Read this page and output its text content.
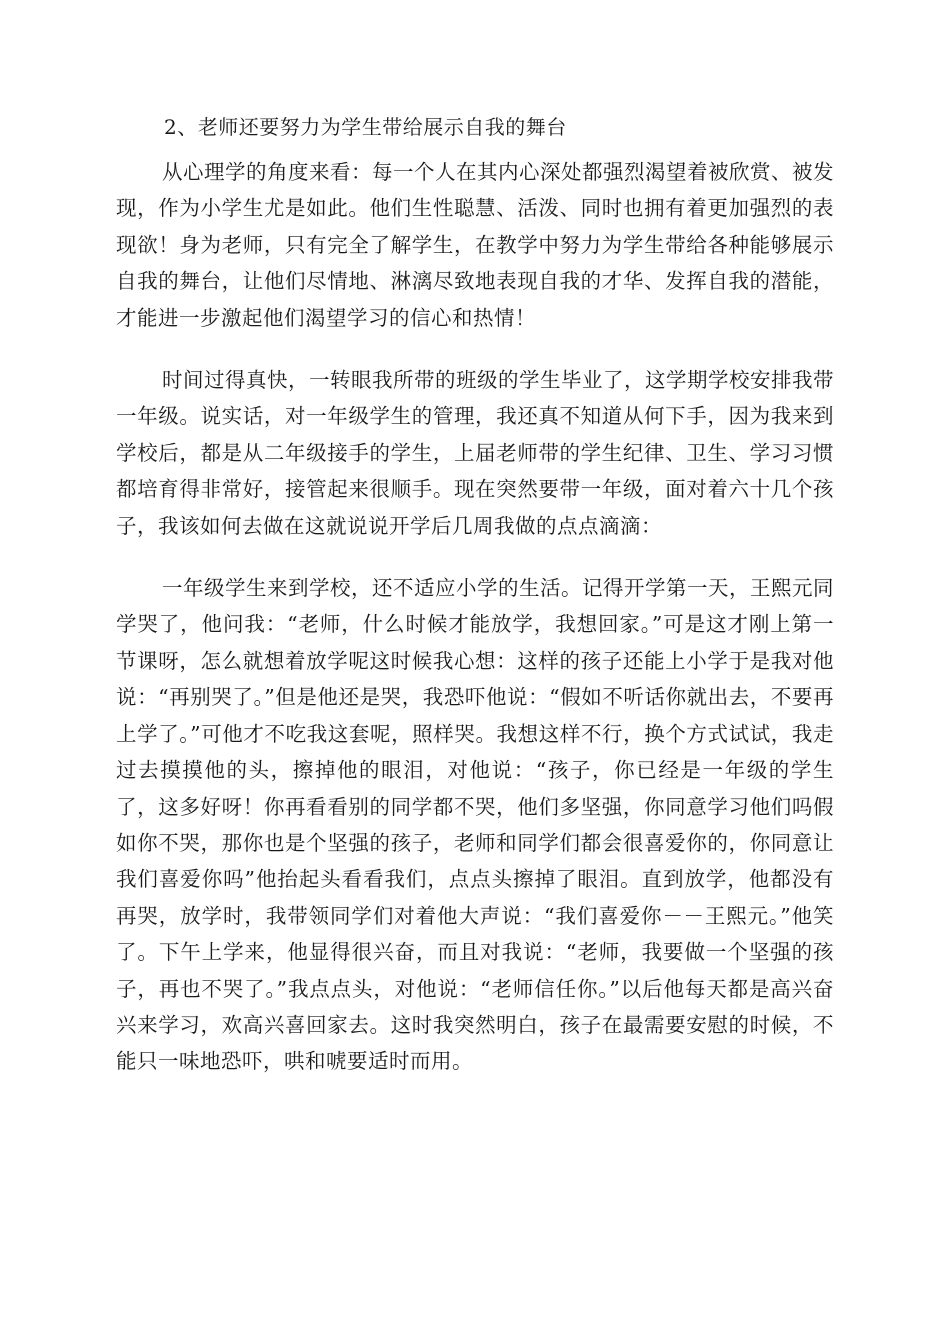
2、老师还要努力为学生带给展示自我的舞台

从心理学的角度来看：每一个人在其内心深处都强烈渴望着被欣赏、被发现，作为小学生尤是如此。他们生性聪慧、活泼、同时也拥有着更加强烈的表现欲！身为老师，只有完全了解学生，在教学中努力为学生带给各种能够展示自我的舞台，让他们尽情地、淋漓尽致地表现自我的才华、发挥自我的潜能，才能进一步激起他们渴望学习的信心和热情！

时间过得真快，一转眼我所带的班级的学生毕业了，这学期学校安排我带一年级。说实话，对一年级学生的管理，我还真不知道从何下手，因为我来到学校后，都是从二年级接手的学生，上届老师带的学生纪律、卫生、学习习惯都培育得非常好，接管起来很顺手。现在突然要带一年级，面对着六十几个孩子，我该如何去做在这就说说开学后几周我做的点点滴滴：

一年级学生来到学校，还不适应小学的生活。记得开学第一天，王熙元同学哭了，他问我：“老师，什么时候才能放学，我想回家。”可是这才刚上第一节课呀，怎么就想着放学呢这时候我心想：这样的孩子还能上小学于是我对他说：“再别哭了。”但是他还是哭，我恐吓他说：“假如不听话你就出去，不要再上学了。”可他才不吃我这套呢，照样哭。我想这样不行，换个方式试试，我走过去摸摸他的头，擦掉他的眼泪，对他说：“孩子，你已经是一年级的学生了，这多好呀！你再看看别的同学都不哭，他们多坚强，你同意学习他们吗假如你不哭，那你也是个坚强的孩子，老师和同学们都会很喜爱你的，你同意让我们喜爱你吗”他抬起头看看我们，点点头擦掉了眼泪。直到放学，他都没有再哭，放学时，我带领同学们对着他大声说：“我们喜爱你－－王熙元。”他笑了。下午上学来，他显得很兴奋，而且对我说：“老师，我要做一个坚强的孩子，再也不哭了。”我点点头，对他说：“老师信任你。”以后他每天都是高兴奋兴来学习，欢高兴喜回家去。这时我突然明白，孩子在最需要安慰的时候，不能只一味地恐吓，哄和唬要适时而用。
